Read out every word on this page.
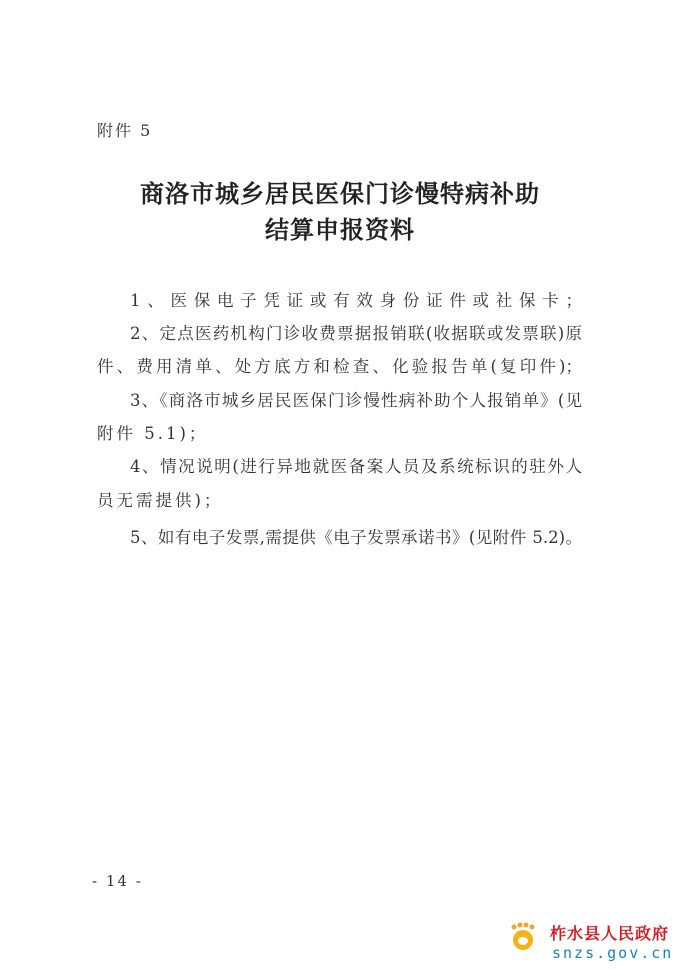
附件 5
商洛市城乡居民医保门诊慢特病补助
结算申报资料
1、医保电子凭证或有效身份证件或社保卡；
2、定点医药机构门诊收费票据报销联(收据联或发票联)原
件、费用清单、处方底方和检查、化验报告单(复印件)；
3、《商洛市城乡居民医保门诊慢性病补助个人报销单》(见
附件 5.1)；
4、情况说明(进行异地就医备案人员及系统标识的驻外人
员无需提供)；
5、如有电子发票,需提供《电子发票承诺书》(见附件 5.2)。
- 14 -
柞水县人民政府
snzs.gov.cn
